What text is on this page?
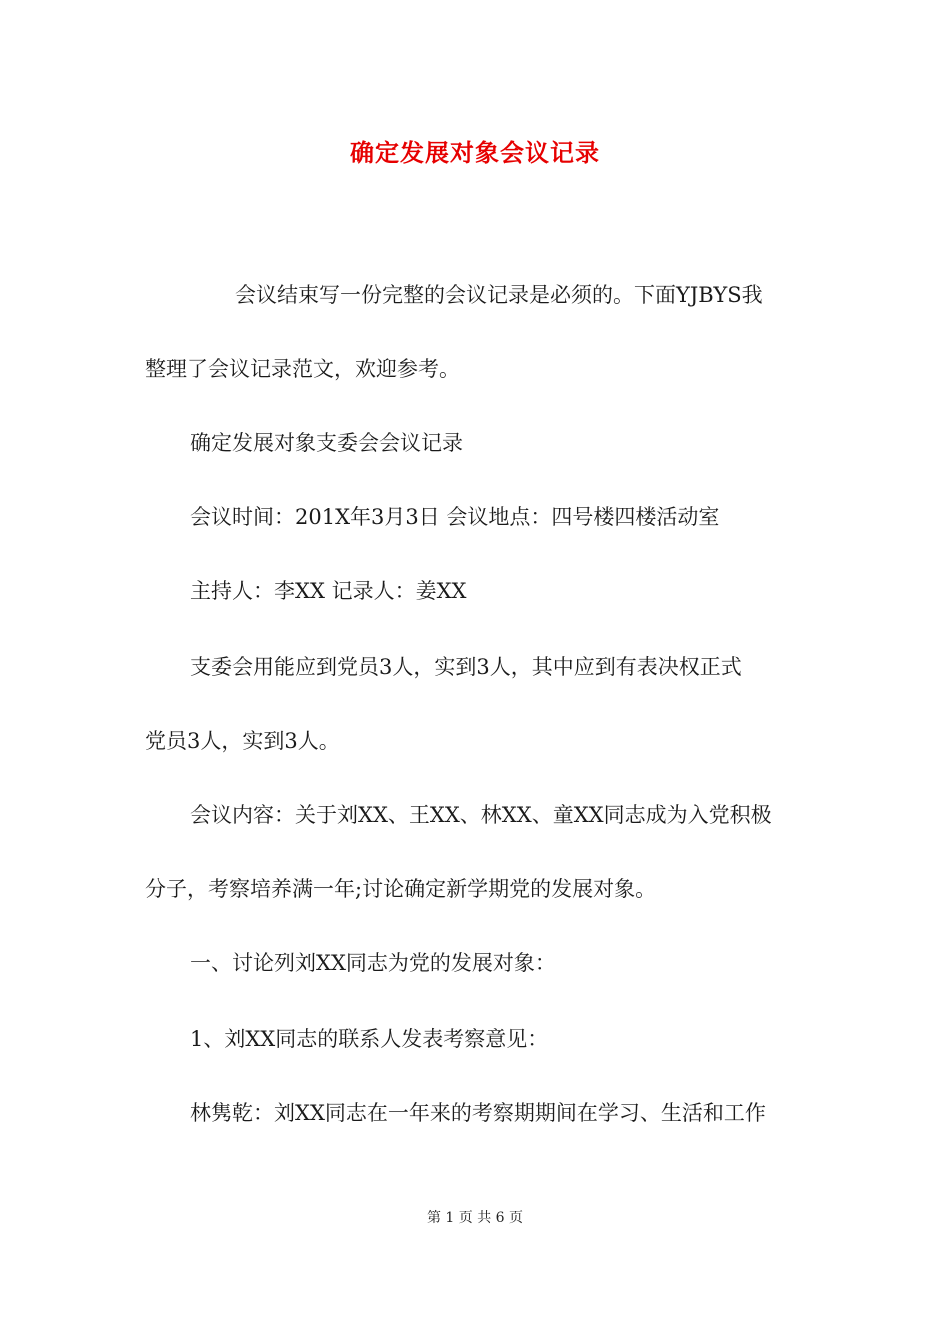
确定发展对象会议记录
会议结束写一份完整的会议记录是必须的。下面YJBYS我
整理了会议记录范文，欢迎参考。
确定发展对象支委会会议记录
会议时间：201X年3月3日 会议地点：四号楼四楼活动室
主持人：李XX 记录人：姜XX
支委会用能应到党员3人，实到3人，其中应到有表决权正式
党员3人，实到3人。
会议内容：关于刘XX、王XX、林XX、童XX同志成为入党积极
分子，考察培养满一年;讨论确定新学期党的发展对象。
一、讨论列刘XX同志为党的发展对象：
1、刘XX同志的联系人发表考察意见：
林隽乾：刘XX同志在一年来的考察期期间在学习、生活和工作
第 1 页 共 6 页
